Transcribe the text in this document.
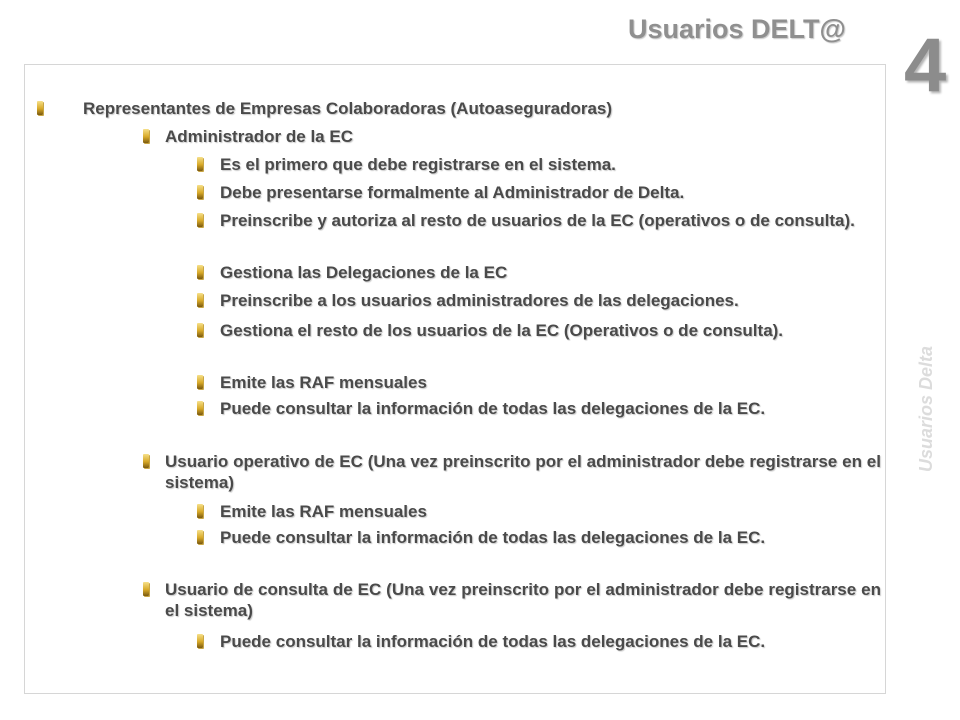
Usuarios DELT@ 4
Usuarios Delta
Representantes de Empresas Colaboradoras (Autoaseguradoras)
Administrador de la EC
Es el primero que debe registrarse en el sistema.
Debe presentarse formalmente al Administrador de Delta.
Preinscribe y autoriza al resto de usuarios de la EC (operativos o de consulta).
Gestiona las Delegaciones de la EC
Preinscribe a los usuarios administradores de las delegaciones.
Gestiona el resto de los usuarios de la EC (Operativos o de consulta).
Emite las RAF mensuales
Puede consultar la información de todas las delegaciones de la EC.
Usuario operativo de EC (Una vez preinscrito por el administrador debe registrarse en el sistema)
Emite las RAF mensuales
Puede consultar la información de todas las delegaciones de la EC.
Usuario de consulta de EC (Una vez preinscrito por el administrador debe registrarse en el sistema)
Puede consultar la información de todas las delegaciones de la EC.
